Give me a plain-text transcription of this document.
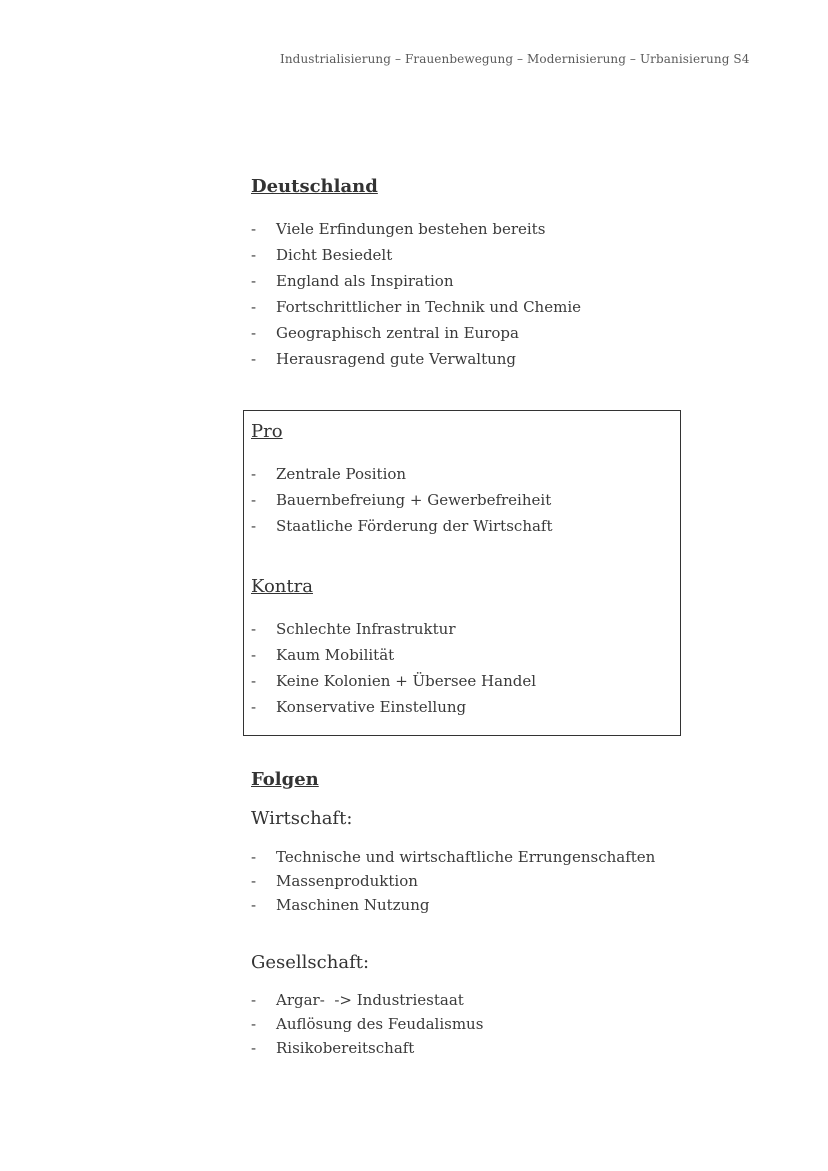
Industrialisierung – Frauenbewegung – Modernisierung – Urbanisierung S4
Deutschland
- Viele Erfindungen bestehen bereits
- Dicht Besiedelt
- England als Inspiration
- Fortschrittlicher in Technik und Chemie
- Geographisch zentral in Europa
- Herausragend gute Verwaltung
Pro
- Zentrale Position
- Bauernbefreiung + Gewerbefreiheit
- Staatliche Förderung der Wirtschaft
Kontra
- Schlechte Infrastruktur
- Kaum Mobilität
- Keine Kolonien + Übersee Handel
- Konservative Einstellung
Folgen
Wirtschaft:
- Technische und wirtschaftliche Errungenschaften
- Massenproduktion
- Maschinen Nutzung
Gesellschaft:
- Argar-  -> Industriestaat
- Auflösung des Feudalismus
- Risikobereitschaft
